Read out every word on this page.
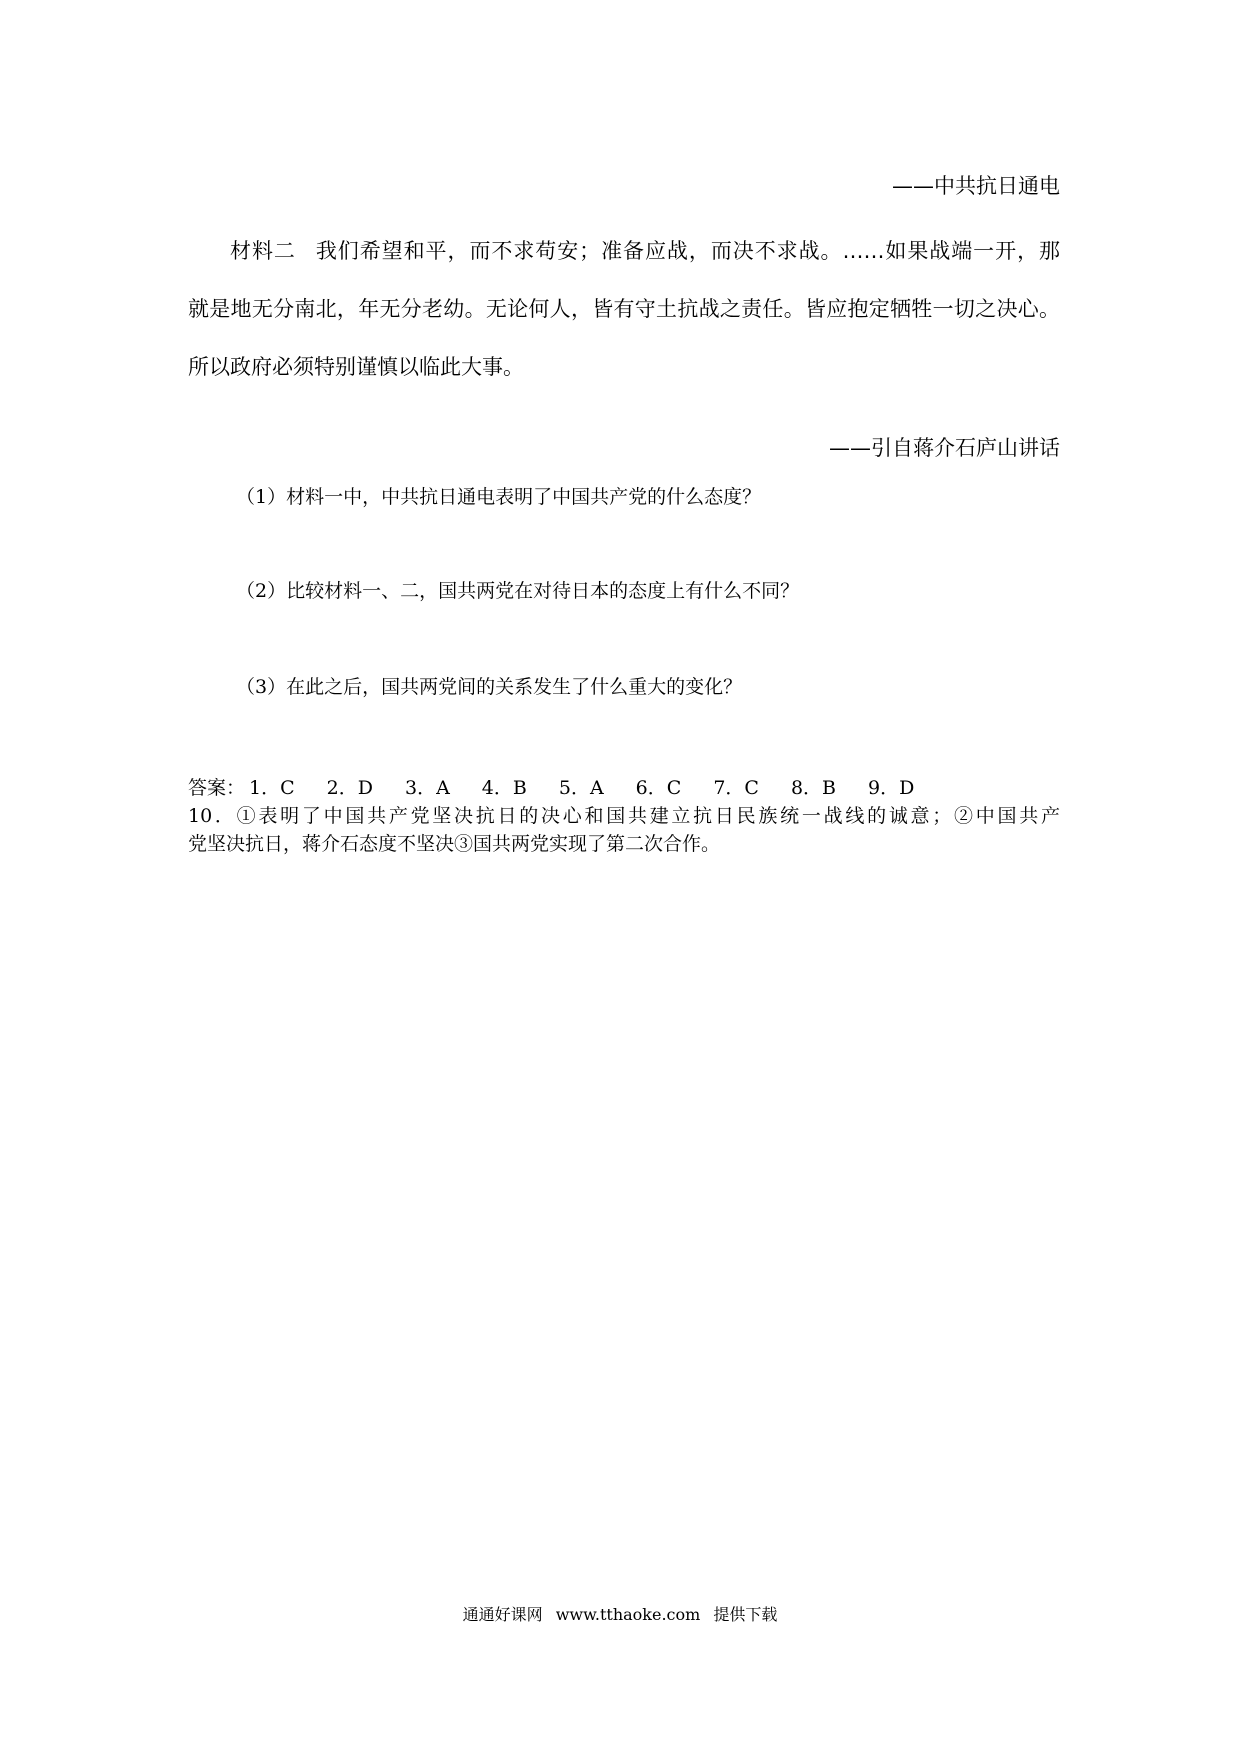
——中共抗日通电
材料二 我们希望和平，而不求苟安；准备应战，而决不求战。……如果战端一开，那
就是地无分南北，年无分老幼。无论何人，皆有守土抗战之责任。皆应抱定牺牲一切之决心。
所以政府必须特别谨慎以临此大事。
——引自蒋介石庐山讲话
（1）材料一中，中共抗日通电表明了中国共产党的什么态度？
（2）比较材料一、二，国共两党在对待日本的态度上有什么不同？
（3）在此之后，国共两党间的关系发生了什么重大的变化？
答案： 1．C 2．D 3．A 4．B 5．A 6．C 7．C 8．B 9．D
10．①表明了中国共产党坚决抗日的决心和国共建立抗日民族统一战线的诚意；②中国共产
党坚决抗日，蒋介石态度不坚决③国共两党实现了第二次合作。
通通好课网 www.tthaoke.com 提供下载
